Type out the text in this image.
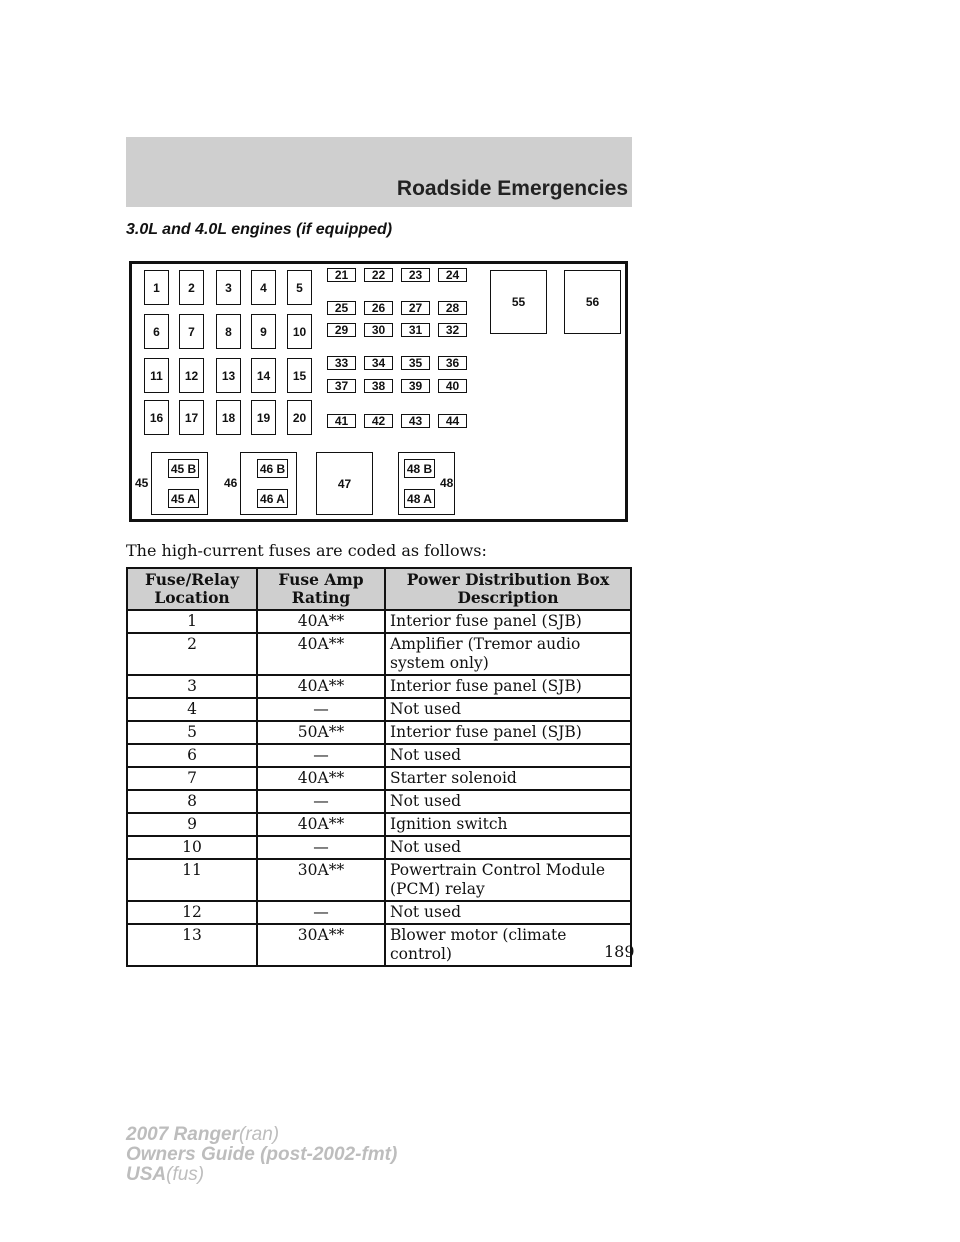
Roadside Emergencies
3.0L and 4.0L engines (if equipped)
1	2	3	4	5
6	7	8	9	10
11	12	13	14	15
16	17	18	19	20
21	22	23	24
25	26	27	28
29	30	31	32
33	34	35	36
37	38	39	40
41	42	43	44
55	56
47
45 B
45 A
45
46 B
46 A
46
48 B
48 A
48
The high-current fuses are coded as follows:
Fuse/Relay Location	Fuse Amp Rating	Power Distribution Box Description
1	40A**	Interior fuse panel (SJB)
2	40A**	Amplifier (Tremor audio system only)
3	40A**	Interior fuse panel (SJB)
4	—	Not used
5	50A**	Interior fuse panel (SJB)
6	—	Not used
7	40A**	Starter solenoid
8	—	Not used
9	40A**	Ignition switch
10	—	Not used
11	30A**	Powertrain Control Module (PCM) relay
12	—	Not used
13	30A**	Blower motor (climate control)	189
2007 Ranger(ran)
Owners Guide (post-2002-fmt)
USA(fus)
